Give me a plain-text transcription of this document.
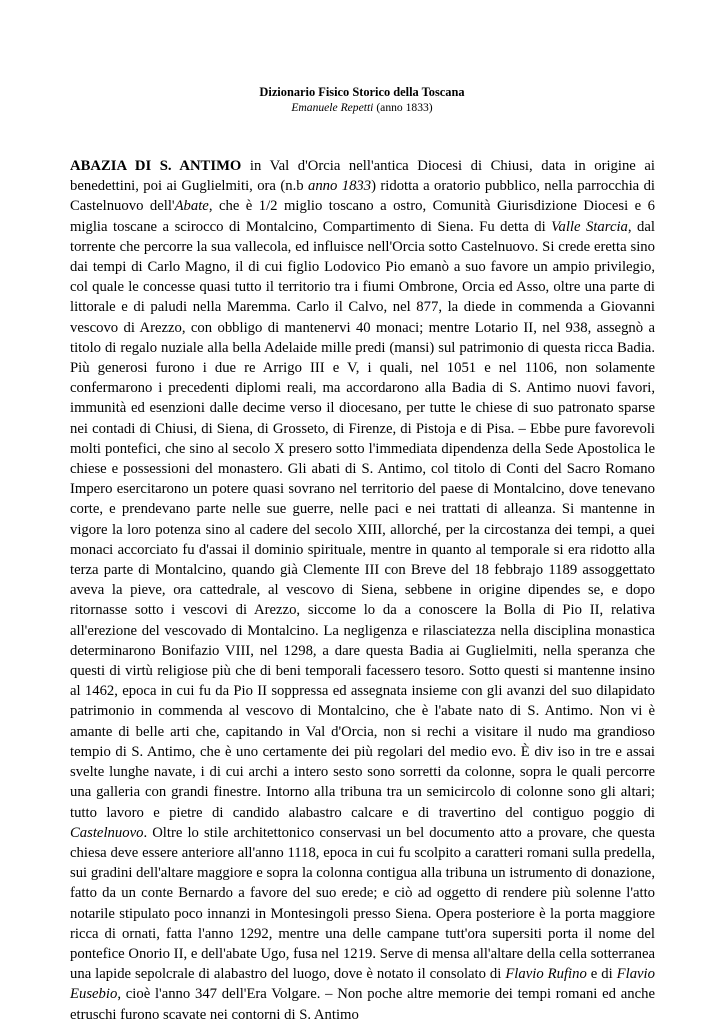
Dizionario Fisico Storico della Toscana

Emanuele Repetti (anno 1833)

ABAZIA DI S. ANTIMO in Val d'Orcia nell'antica Diocesi di Chiusi, data in origine ai benedettini, poi ai Guglielmiti, ora (n.b anno 1833) ridotta a oratorio pubblico, nella parrocchia di Castelnuovo dell'Abate, che è 1/2 miglio toscano a ostro, Comunità Giurisdizione Diocesi e 6 miglia toscane a scirocco di Montalcino, Compartimento di Siena. Fu detta di Valle Starcia, dal torrente che percorre la sua vallecola, ed influisce nell'Orcia sotto Castelnuovo. Si crede eretta sino dai tempi di Carlo Magno, il di cui figlio Lodovico Pio emanò a suo favore un ampio privilegio, col quale le concesse quasi tutto il territorio tra i fiumi Ombrone, Orcia ed Asso, oltre una parte di littorale e di paludi nella Maremma. Carlo il Calvo, nel 877, la diede in commenda a Giovanni vescovo di Arezzo, con obbligo di mantenervi 40 monaci; mentre Lotario II, nel 938, assegnò a titolo di regalo nuziale alla bella Adelaide mille predi (mansi) sul patrimonio di questa ricca Badia. Più generosi furono i due re Arrigo III e V, i quali, nel 1051 e nel 1106, non solamente confermarono i precedenti diplomi reali, ma accordarono alla Badia di S. Antimo nuovi favori, immunità ed esenzioni dalle decime verso il diocesano, per tutte le chiese di suo patronato sparse nei contadi di Chiusi, di Siena, di Grosseto, di Firenze, di Pistoja e di Pisa. – Ebbe pure favorevoli molti pontefici, che sino al secolo X presero sotto l'immediata dipendenza della Sede Apostolica le chiese e possessioni del monastero. Gli abati di S. Antimo, col titolo di Conti del Sacro Romano Impero esercitarono un potere quasi sovrano nel territorio del paese di Montalcino, dove tenevano corte, e prendevano parte nelle sue guerre, nelle paci e nei trattati di alleanza. Si mantenne in vigore la loro potenza sino al cadere del secolo XIII, allorché, per la circostanza dei tempi, a quei monaci accorciato fu d'assai il dominio spirituale, mentre in quanto al temporale si era ridotto alla terza parte di Montalcino, quando già Clemente III con Breve del 18 febbrajo 1189 assoggettato aveva la pieve, ora cattedrale, al vescovo di Siena, sebbene in origine dipendes se, e dopo ritornasse sotto i vescovi di Arezzo, siccome lo da a conoscere la Bolla di Pio II, relativa all'erezione del vescovado di Montalcino. La negligenza e rilasciatezza nella disciplina monastica determinarono Bonifazio VIII, nel 1298, a dare questa Badia ai Guglielmiti, nella speranza che questi di virtù religiose più che di beni temporali facessero tesoro. Sotto questi si mantenne insino al 1462, epoca in cui fu da Pio II soppressa ed assegnata insieme con gli avanzi del suo dilapidato patrimonio in commenda al vescovo di Montalcino, che è l'abate nato di S. Antimo. Non vi è amante di belle arti che, capitando in Val d'Orcia, non si rechi a visitare il nudo ma grandioso tempio di S. Antimo, che è uno certamente dei più regolari del medio evo. È div iso in tre e assai svelte lunghe navate, i di cui archi a intero sesto sono sorretti da colonne, sopra le quali percorre una galleria con grandi finestre. Intorno alla tribuna tra un semicircolo di colonne sono gli altari; tutto lavoro e pietre di candido alabastro calcare e di travertino del contiguo poggio di Castelnuovo. Oltre lo stile architettonico conservasi un bel documento atto a provare, che questa chiesa deve essere anteriore all'anno 1118, epoca in cui fu scolpito a caratteri romani sulla predella, sui gradini dell'altare maggiore e sopra la colonna contigua alla tribuna un istrumento di donazione, fatto da un conte Bernardo a favore del suo erede; e ciò ad oggetto di rendere più solenne l'atto notarile stipulato poco innanzi in Montesingoli presso Siena. Opera posteriore è la porta maggiore ricca di ornati, fatta l'anno 1292, mentre una delle campane tutt'ora supersiti porta il nome del pontefice Onorio II, e dell'abate Ugo, fusa nel 1219. Serve di mensa all'altare della cella sotterranea una lapide sepolcrale di alabastro del luogo, dove è notato il consolato di Flavio Rufino e di Flavio Eusebio, cioè l'anno 347 dell'Era Volgare. – Non poche altre memorie dei tempi romani ed anche etruschi furono scavate nei contorni di S. Antimo
